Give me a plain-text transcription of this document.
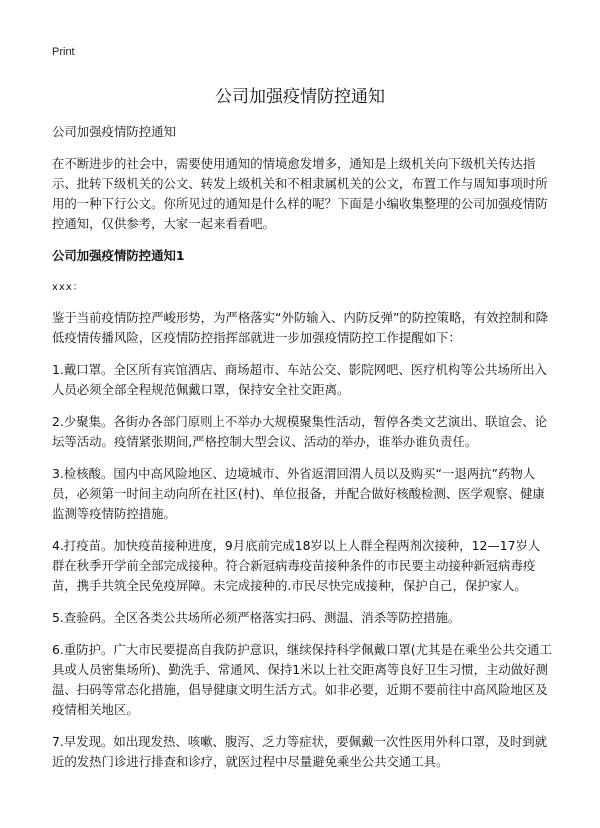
Print
公司加强疫情防控通知

公司加强疫情防控通知

在不断进步的社会中，需要使用通知的情境愈发增多，通知是上级机关向下级机关传达指示、批转下级机关的公文、转发上级机关和不相隶属机关的公文，布置工作与周知事项时所用的一种下行公文。你所见过的通知是什么样的呢？下面是小编收集整理的公司加强疫情防控通知，仅供参考，大家一起来看看吧。

公司加强疫情防控通知1

xxx：

鉴于当前疫情防控严峻形势，为严格落实“外防输入、内防反弹”的防控策略，有效控制和降低疫情传播风险，区疫情防控指挥部就进一步加强疫情防控工作提醒如下：

1.戴口罩。全区所有宾馆酒店、商场超市、车站公交、影院网吧、医疗机构等公共场所出入人员必须全部全程规范佩戴口罩，保持安全社交距离。

2.少聚集。各街办各部门原则上不举办大规模聚集性活动，暂停各类文艺演出、联谊会、论坛等活动。疫情紧张期间,严格控制大型会议、活动的举办，谁举办谁负责任。

3.检核酸。国内中高风险地区、边境城市、外省返渭回渭人员以及购买“一退两抗”药物人员，必须第一时间主动向所在社区(村)、单位报备，并配合做好核酸检测、医学观察、健康监测等疫情防控措施。

4.打疫苗。加快疫苗接种进度，9月底前完成18岁以上人群全程两剂次接种，12—17岁人群在秋季开学前全部完成接种。符合新冠病毒疫苗接种条件的市民要主动接种新冠病毒疫苗，携手共筑全民免疫屏障。未完成接种的.市民尽快完成接种，保护自己，保护家人。

5.查验码。全区各类公共场所必须严格落实扫码、测温、消杀等防控措施。

6.重防护。广大市民要提高自我防护意识，继续保持科学佩戴口罩(尤其是在乘坐公共交通工具或人员密集场所)、勤洗手、常通风、保持1米以上社交距离等良好卫生习惯，主动做好测温、扫码等常态化措施，倡导健康文明生活方式。如非必要，近期不要前往中高风险地区及疫情相关地区。

7.早发现。如出现发热、咳嗽、腹泻、乏力等症状，要佩戴一次性医用外科口罩，及时到就近的发热门诊进行排查和诊疗，就医过程中尽量避免乘坐公共交通工具。
